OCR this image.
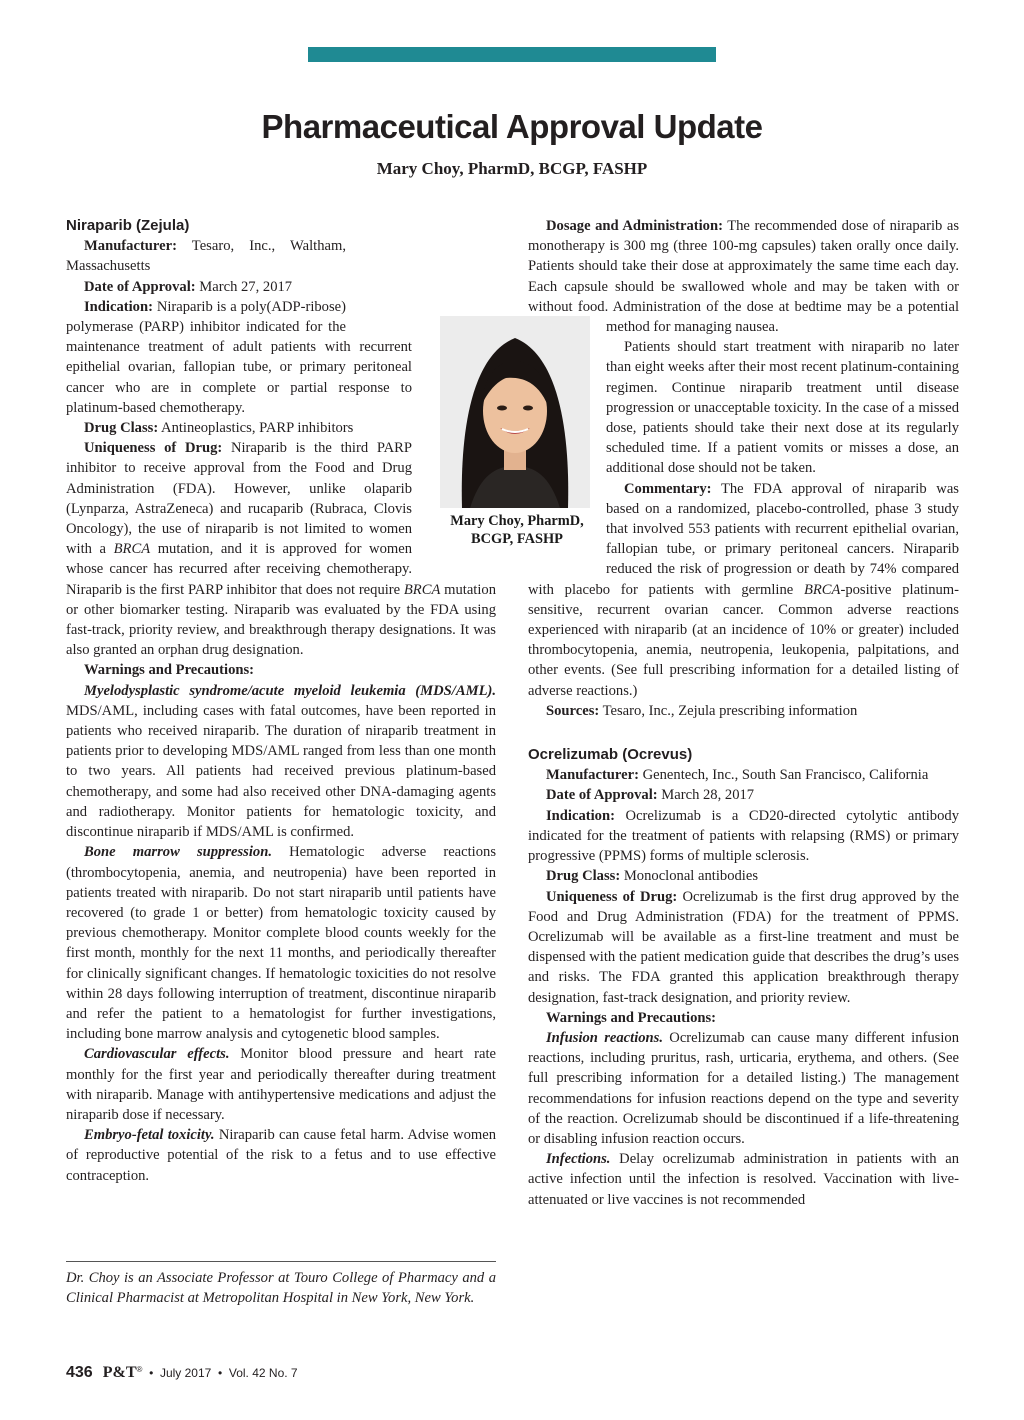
Pharmaceutical Approval Update
Mary Choy, PharmD, BCGP, FASHP
Mary Choy, PharmD,
BCGP, FASHP

Niraparib (Zejula)

Manufacturer: Tesaro, Inc., Waltham, Massachusetts

Date of Approval: March 27, 2017

Indication: Niraparib is a poly(ADP-ribose) polymerase (PARP) inhibitor indicated for the maintenance treatment of adult patients with recurrent epithelial ovarian, fallopian tube, or primary peritoneal cancer who are in complete or partial response to platinum-based chemotherapy.

Drug Class: Antineoplastics, PARP inhibitors

Uniqueness of Drug: Niraparib is the third PARP inhibitor to receive approval from the Food and Drug Administration (FDA). However, unlike olaparib (Lynparza, AstraZeneca) and rucaparib (Rubraca, Clovis Oncology), the use of niraparib is not limited to women with a BRCA mutation, and it is approved for women whose cancer has recurred after receiving chemotherapy. Niraparib is the first PARP inhibitor that does not require BRCA mutation or other biomarker testing. Niraparib was evaluated by the FDA using fast-track, priority review, and breakthrough therapy designations. It was also granted an orphan drug designation.

Warnings and Precautions:

Myelodysplastic syndrome/acute myeloid leukemia (MDS/AML). MDS/AML, including cases with fatal outcomes, have been reported in patients who received niraparib. The duration of niraparib treatment in patients prior to developing MDS/AML ranged from less than one month to two years. All patients had received previous platinum-based chemotherapy, and some had also received other DNA-damaging agents and radiotherapy. Monitor patients for hematologic toxicity, and discontinue niraparib if MDS/AML is confirmed.

Bone marrow suppression. Hematologic adverse reactions (thrombocytopenia, anemia, and neutropenia) have been reported in patients treated with niraparib. Do not start niraparib until patients have recovered (to grade 1 or better) from hematologic toxicity caused by previous chemotherapy. Monitor complete blood counts weekly for the first month, monthly for the next 11 months, and periodically thereafter for clinically significant changes. If hematologic toxicities do not resolve within 28 days following interruption of treatment, discontinue niraparib and refer the patient to a hematologist for further investigations, including bone marrow analysis and cytogenetic blood samples.

Cardiovascular effects. Monitor blood pressure and heart rate monthly for the first year and periodically thereafter during treatment with niraparib. Manage with antihypertensive medications and adjust the niraparib dose if necessary.

Embryo-fetal toxicity. Niraparib can cause fetal harm. Advise women of reproductive potential of the risk to a fetus and to use effective contraception.

Dosage and Administration: The recommended dose of niraparib as monotherapy is 300 mg (three 100-mg capsules) taken orally once daily. Patients should take their dose at approximately the same time each day. Each capsule should be swallowed whole and may be taken with or without food. Administration of the dose at bedtime may be a potential method for managing nausea.

Patients should start treatment with niraparib no later than eight weeks after their most recent platinum-containing regimen. Continue niraparib treatment until disease progression or unacceptable toxicity. In the case of a missed dose, patients should take their next dose at its regularly scheduled time. If a patient vomits or misses a dose, an additional dose should not be taken.

Commentary: The FDA approval of niraparib was based on a randomized, placebo-controlled, phase 3 study that involved 553 patients with recurrent epithelial ovarian, fallopian tube, or primary peritoneal cancers. Niraparib reduced the risk of progression or death by 74% compared with placebo for patients with germline BRCA-positive platinum-sensitive, recurrent ovarian cancer. Common adverse reactions experienced with niraparib (at an incidence of 10% or greater) included thrombocytopenia, anemia, neutropenia, leukopenia, palpitations, and other events. (See full prescribing information for a detailed listing of adverse reactions.)

Sources: Tesaro, Inc., Zejula prescribing information

Ocrelizumab (Ocrevus)

Manufacturer: Genentech, Inc., South San Francisco, California

Date of Approval: March 28, 2017

Indication: Ocrelizumab is a CD20-directed cytolytic antibody indicated for the treatment of patients with relapsing (RMS) or primary progressive (PPMS) forms of multiple sclerosis.

Drug Class: Monoclonal antibodies

Uniqueness of Drug: Ocrelizumab is the first drug approved by the Food and Drug Administration (FDA) for the treatment of PPMS. Ocrelizumab will be available as a first-line treatment and must be dispensed with the patient medication guide that describes the drug’s uses and risks. The FDA granted this application breakthrough therapy designation, fast-track designation, and priority review.

Warnings and Precautions:

Infusion reactions. Ocrelizumab can cause many different infusion reactions, including pruritus, rash, urticaria, erythema, and others. (See full prescribing information for a detailed listing.) The management recommendations for infusion reactions depend on the type and severity of the reaction. Ocrelizumab should be discontinued if a life-threatening or disabling infusion reaction occurs.

Infections. Delay ocrelizumab administration in patients with an active infection until the infection is resolved. Vaccination with live-attenuated or live vaccines is not recommended

Dr. Choy is an Associate Professor at Touro College of Pharmacy and a Clinical Pharmacist at Metropolitan Hospital in New York, New York.

436 P&T® • July 2017 • Vol. 42 No. 7
